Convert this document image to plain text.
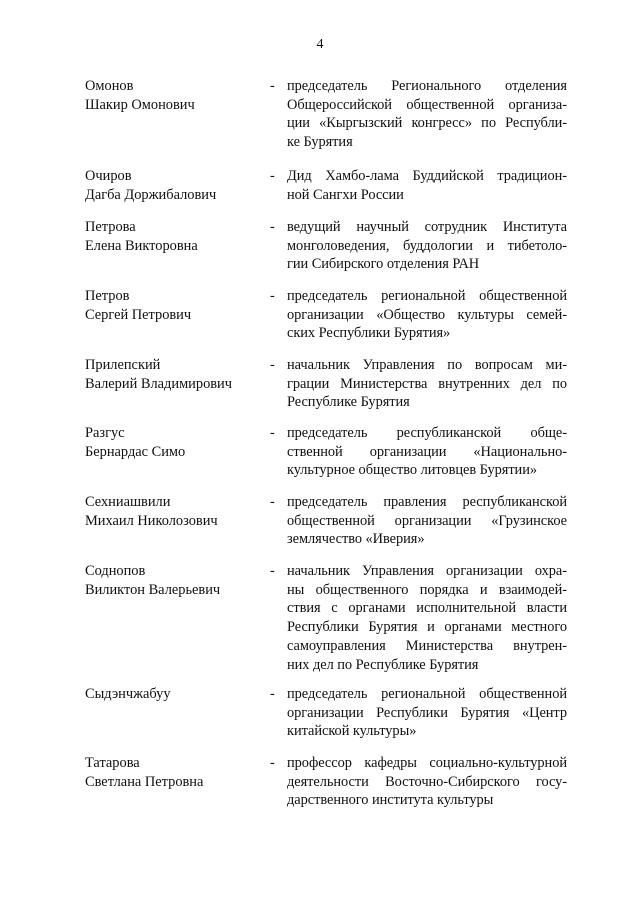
4
Омонов
Шакир Омонович
- председатель Регионального отделения
Общероссийской общественной организа-
ции «Кыргызский конгресс» по Республи-
ке Бурятия
Очиров
Дагба Доржибалович
- Дид Хамбо-лама Буддийской традицион-
ной Сангхи России
Петрова
Елена Викторовна
- ведущий научный сотрудник Института
монголоведения, буддологии и тибетоло-
гии Сибирского отделения РАН
Петров
Сергей Петрович
- председатель региональной общественной
организации «Общество культуры семей-
ских Республики Бурятия»
Прилепский
Валерий Владимирович
- начальник Управления по вопросам ми-
грации Министерства внутренних дел по
Республике Бурятия
Разгус
Бернардас Симо
- председатель республиканской обще-
ственной организации «Национально-
культурное общество литовцев Бурятии»
Сехниашвили
Михаил Николозович
- председатель правления республиканской
общественной организации «Грузинское
землячество «Иверия»
Соднопов
Виликтон Валерьевич
- начальник Управления организации охра-
ны общественного порядка и взаимодей-
ствия с органами исполнительной власти
Республики Бурятия и органами местного
самоуправления Министерства внутрен-
них дел по Республике Бурятия
Сыдэнчжабуу	- председатель региональной общественной
организации Республики Бурятия «Центр
китайской культуры»
Татарова
Светлана Петровна
- профессор кафедры социально-культурной
деятельности Восточно-Сибирского госу-
дарственного института культуры
